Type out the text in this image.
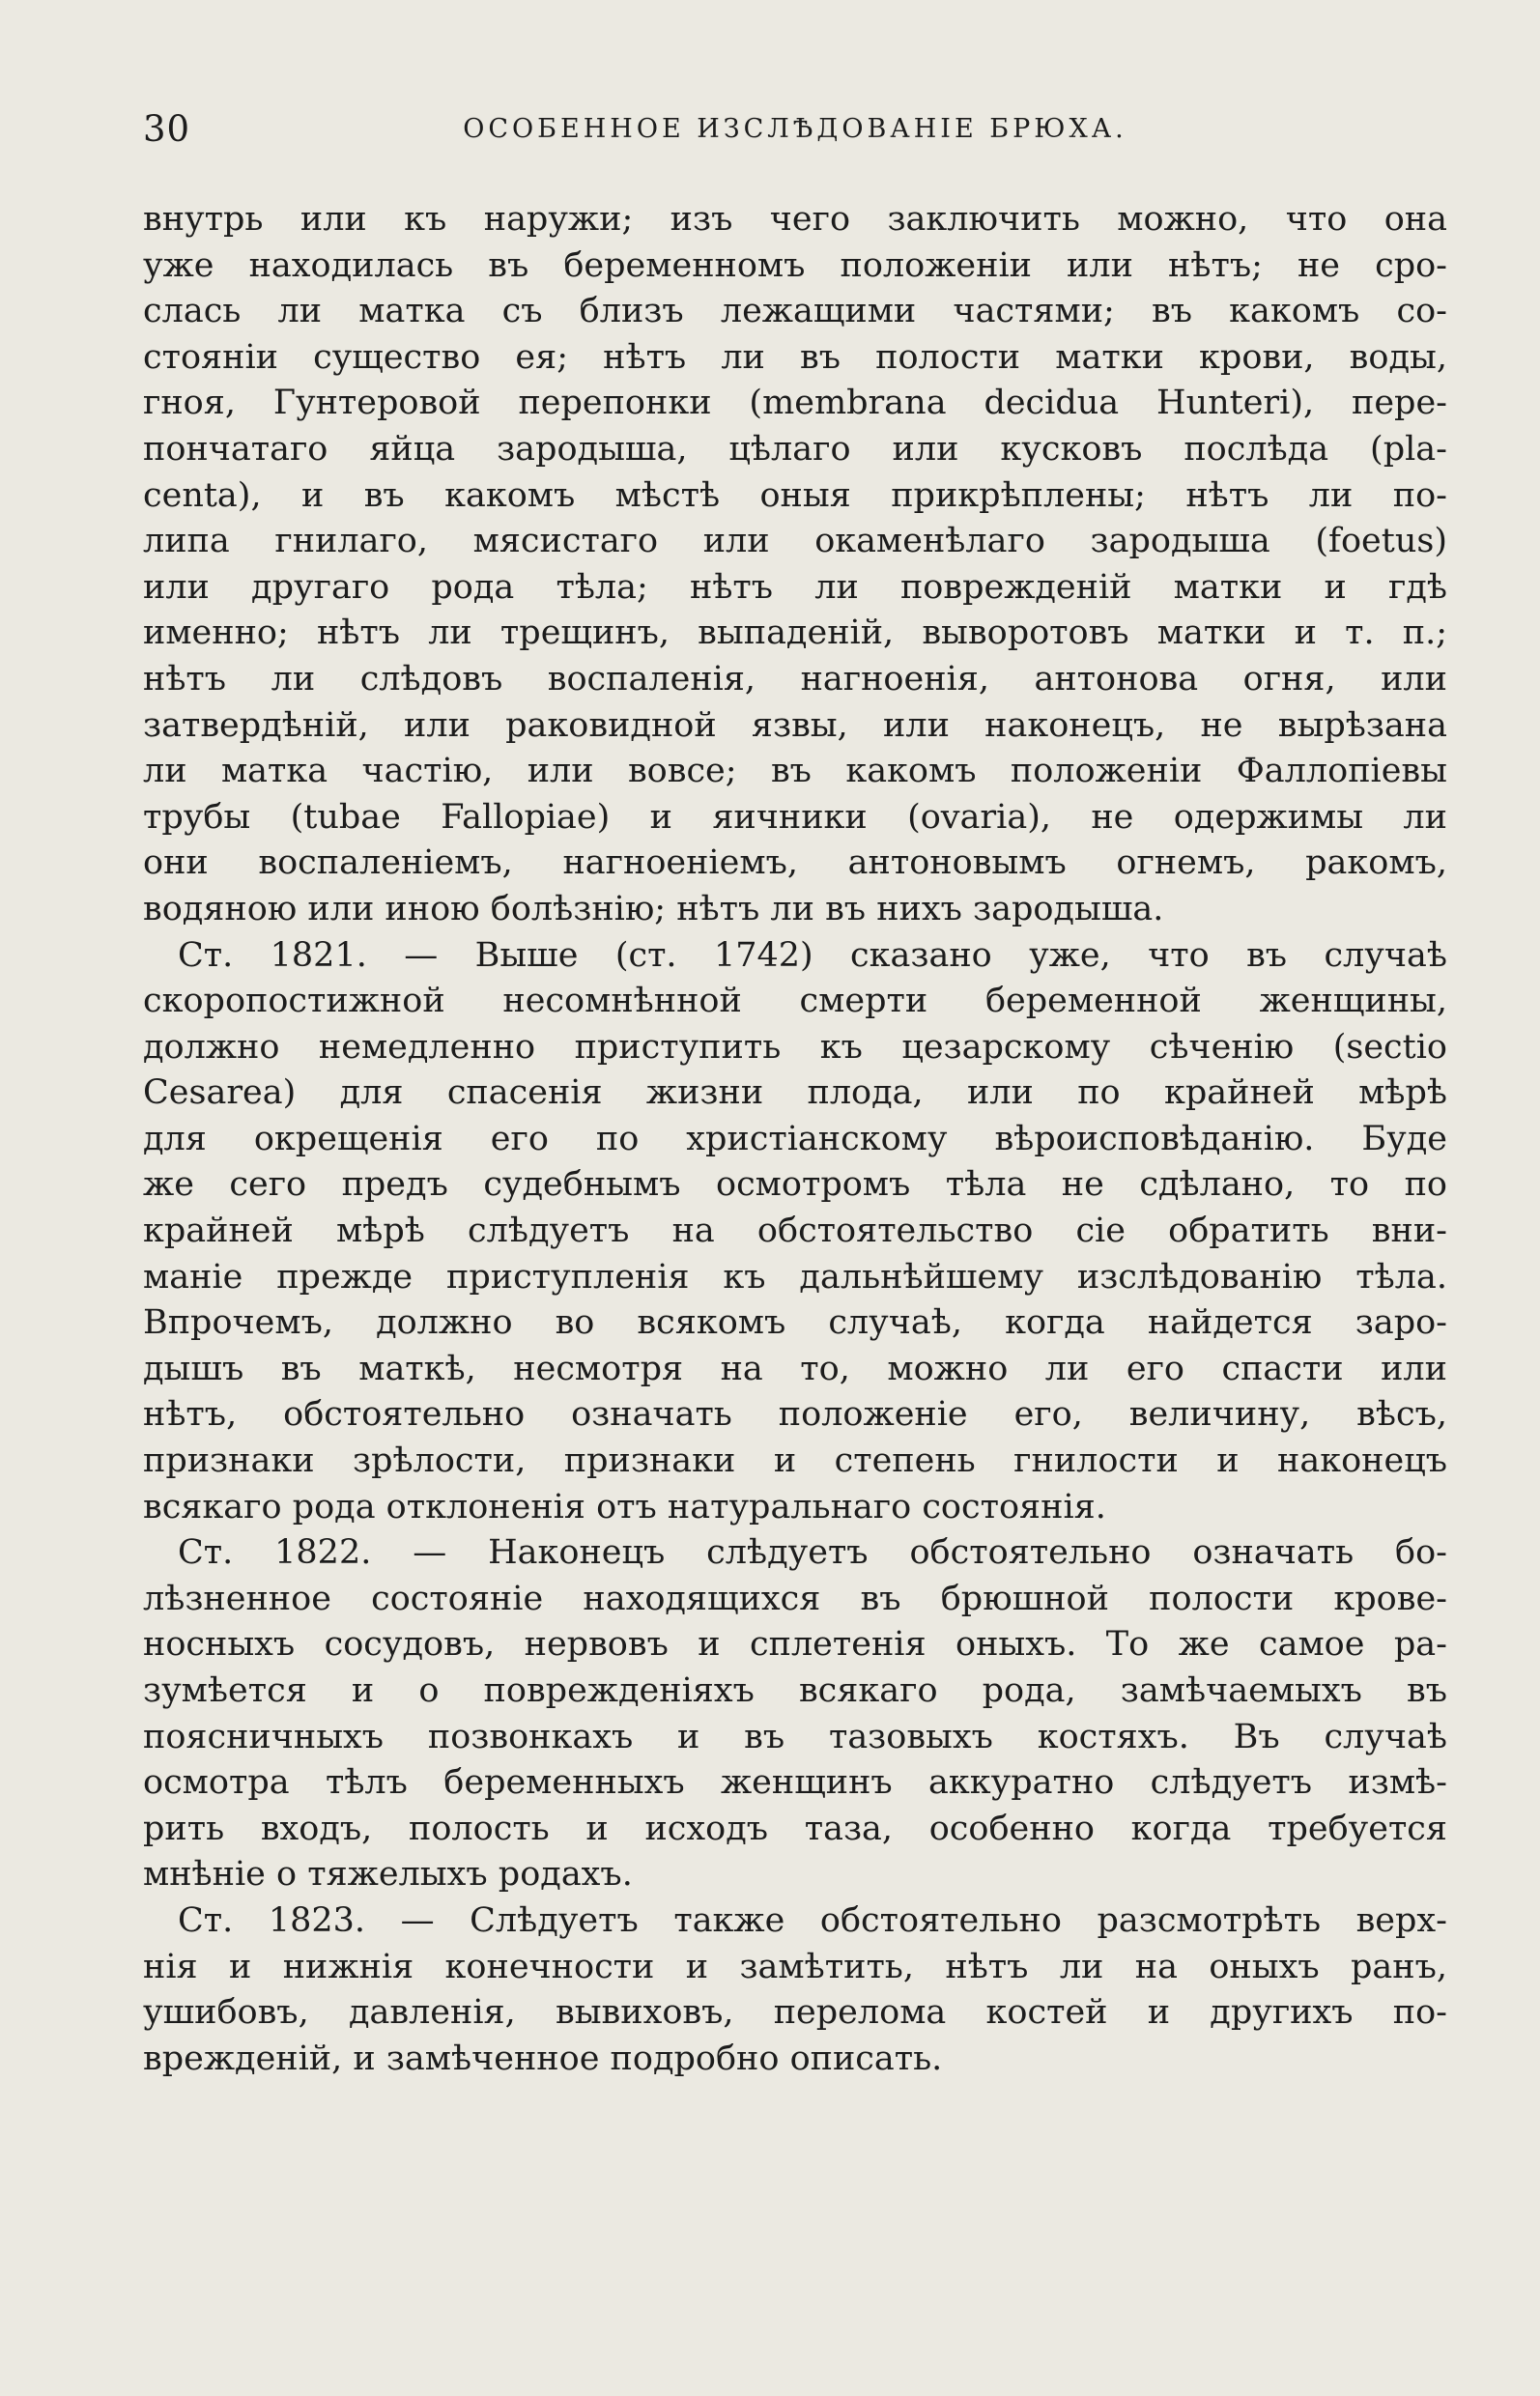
30	ОСОБЕННОЕ ИЗСЛѢДОВАНІЕ БРЮХА.
внутрь или къ наружи; изъ чего заключить можно, что она
уже находилась въ беременномъ положеніи или нѣтъ; не сро-
слась ли матка съ близъ лежащими частями; въ какомъ со-
стояніи существо ея; нѣтъ ли въ полости матки крови, воды,
гноя, Гунтеровой перепонки (membrana decidua Hunteri), пере-
пончатаго яйца зародыша, цѣлаго или кусковъ послѣда (pla-
centa), и въ какомъ мѣстѣ оныя прикрѣплены; нѣтъ ли по-
липа гнилаго, мясистаго или окаменѣлаго зародыша (foetus)
или другаго рода тѣла; нѣтъ ли поврежденій матки и гдѣ
именно; нѣтъ ли трещинъ, выпаденій, выворотовъ матки и т. п.;
нѣтъ ли слѣдовъ воспаленія, нагноенія, антонова огня, или
затвердѣній, или раковидной язвы, или наконецъ, не вырѣзана
ли матка частію, или вовсе; въ какомъ положеніи Фаллопіевы
трубы (tubae Falloріае) и яичники (ovaria), не одержимы ли
они воспаленіемъ, нагноеніемъ, антоновымъ огнемъ, ракомъ,
водяною или иною болѣзнію; нѣтъ ли въ нихъ зародыша.
Ст. 1821. — Выше (ст. 1742) сказано уже, что въ случаѣ
скоропостижной несомнѣнной смерти беременной женщины,
должно немедленно приступить къ цезарскому сѣченію (sectio
Cesarea) для спасенія жизни плода, или по крайней мѣрѣ
для окрещенія его по христіанскому вѣроисповѣданію. Буде
же сего предъ судебнымъ осмотромъ тѣла не сдѣлано, то по
крайней мѣрѣ слѣдуетъ на обстоятельство сіе обратить вни-
маніе прежде приступленія къ дальнѣйшему изслѣдованію тѣла.
Впрочемъ, должно во всякомъ случаѣ, когда найдется заро-
дышъ въ маткѣ, несмотря на то, можно ли его спасти или
нѣтъ, обстоятельно означать положеніе его, величину, вѣсъ,
признаки зрѣлости, признаки и степень гнилости и наконецъ
всякаго рода отклоненія отъ натуральнаго состоянія.
Ст. 1822. — Наконецъ слѣдуетъ обстоятельно означать бо-
лѣзненное состояніе находящихся въ брюшной полости крове-
носныхъ сосудовъ, нервовъ и сплетенія оныхъ. То же самое ра-
зумѣется и о поврежденіяхъ всякаго рода, замѣчаемыхъ въ
поясничныхъ позвонкахъ и въ тазовыхъ костяхъ. Въ случаѣ
осмотра тѣлъ беременныхъ женщинъ аккуратно слѣдуетъ измѣ-
рить входъ, полость и исходъ таза, особенно когда требуется
мнѣніе о тяжелыхъ родахъ.
Ст. 1823. — Слѣдуетъ также обстоятельно разсмотрѣть верх-
нія и нижнія конечности и замѣтить, нѣтъ ли на оныхъ ранъ,
ушибовъ, давленія, вывиховъ, перелома костей и другихъ по-
врежденій, и замѣченное подробно описать.
